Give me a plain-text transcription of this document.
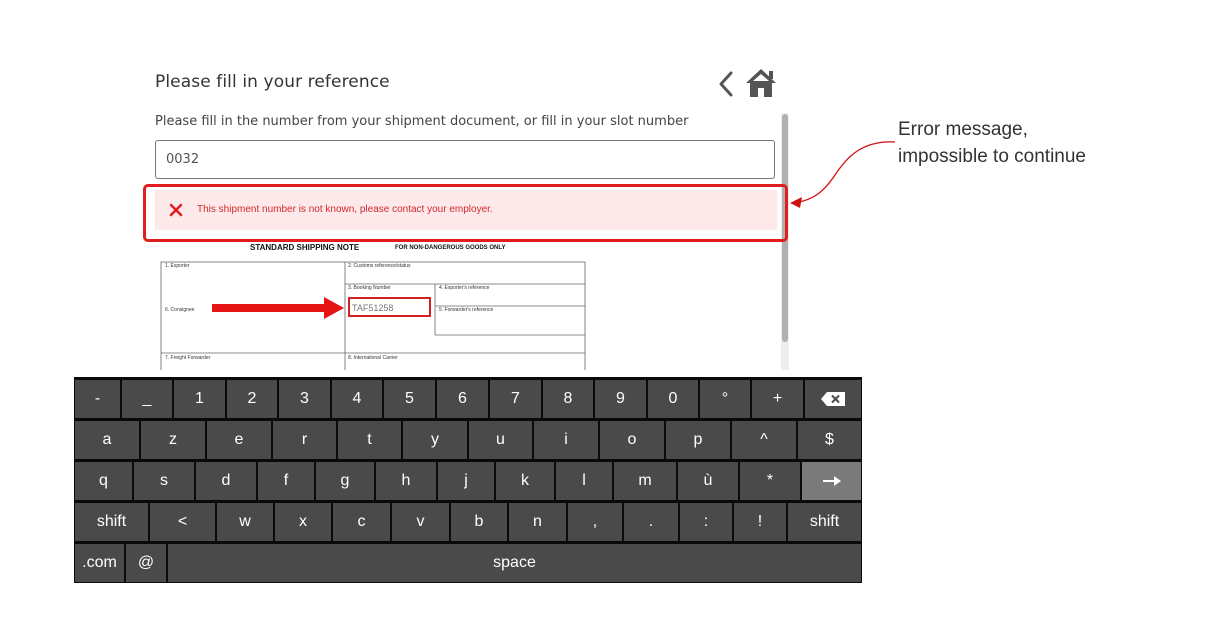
Please fill in your reference
Please fill in the number from your shipment document, or fill in your slot number
0032
This shipment number is not known, please contact your employer.
STANDARD SHIPPING NOTE	FOR NON-DANGEROUS GOODS ONLY
1. Exporter	2. Customs reference/status
3. Booking Number	4. Exporter's reference
5. Forwarder's reference
6. Consignee
7. Freight Forwarder	8. International Carrier
TAF51258
Error message,
impossible to continue
-	_	1	2	3	4	5	6	7	8	9	0	°	+
a	z	e	r	t	y	u	i	o	p	^	$
q	s	d	f	g	h	j	k	l	m	ù	*
shift	<	w	x	c	v	b	n	,	.	:	!	shift
.com	@	space
